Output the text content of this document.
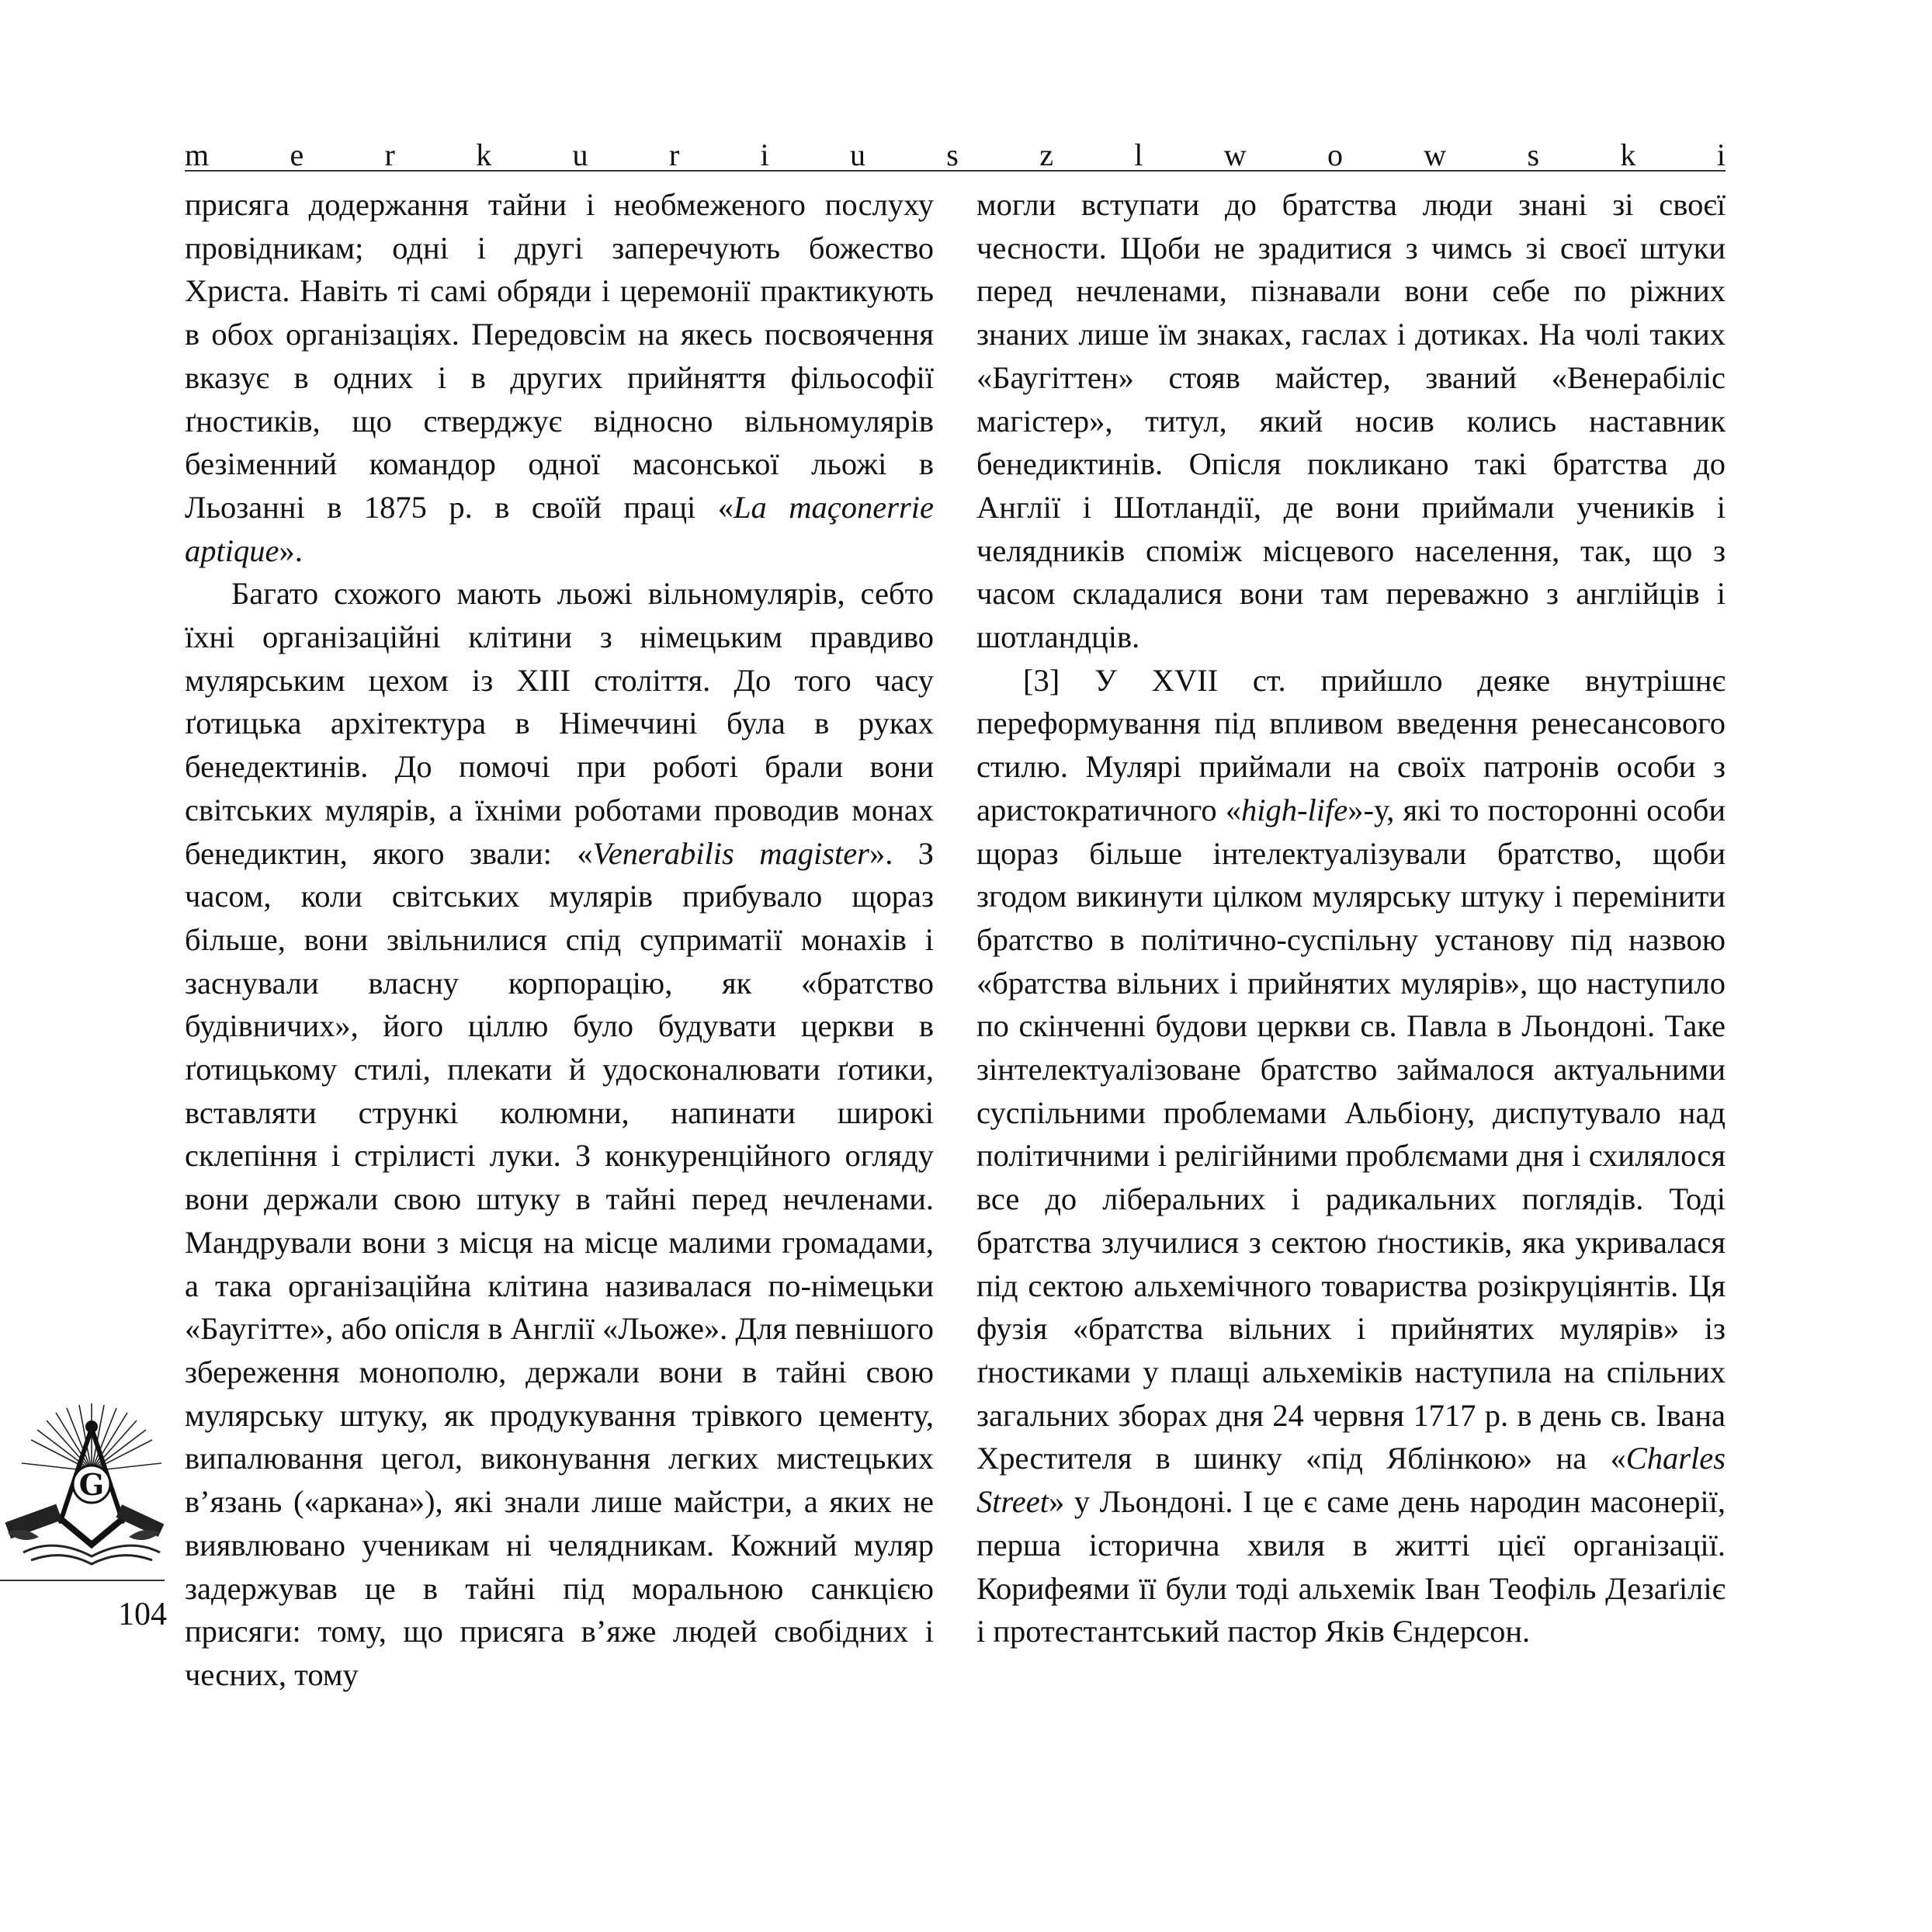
m	e	r	k	u	r	i	u	s	z	l	w	o	w	s	k	i

присяга додержання тайни і необмеженого послуху провідникам; одні і другі заперечують божество Христа. Навіть ті самі обряди і церемонії практикують в обох організаціях. Передовсім на якесь посвоячення вказує в одних і в других прийняття фільософії ґностиків, що стверджує відносно вільномулярів безіменний командор одної масонської льожі в Льозанні в 1875 р. в своїй праці «La maçonerrie aptique».

Багато схожого мають льожі вільномулярів, себто їхні організаційні клітини з німецьким правдиво мулярським цехом із XIII століття. До того часу ґотицька архітектура в Німеччині була в руках бенедектинів. До помочі при роботі брали вони світських мулярів, а їхніми роботами проводив монах бенедиктин, якого звали: «Venerabilis magister». З часом, коли світських мулярів прибувало щораз більше, вони звільнилися спід суприматії монахів і заснували власну корпорацію, як «братство будівничих», його ціллю було будувати церкви в ґотицькому стилі, плекати й удосконалювати ґотики, вставляти стрункі колюмни, напинати широкі склепіння і стрілисті луки. З конкуренційного огляду вони держали свою штуку в тайні перед нечленами. Мандрували вони з місця на місце малими громадами, а така організаційна клітина називалася по-німецьки «Баугітте», або опісля в Англії «Льоже». Для певнішого збереження монополю, держали вони в тайні свою мулярську штуку, як продукування трівкого цементу, випалювання цегол, виконування легких мистецьких в’язань («аркана»), які знали лише майстри, а яких не виявлювано ученикам ні челядникам. Кожний муляр задержував це в тайні під моральною санкцією присяги: тому, що присяга в’яже людей свобідних і чесних, тому

могли вступати до братства люди знані зі своєї чесности. Щоби не зрадитися з чимсь зі своєї штуки перед нечленами, пізнавали вони себе по ріжних знаних лише їм знаках, гаслах і дотиках. На чолі таких «Баугіттен» стояв майстер, званий «Венерабіліс магістер», титул, який носив колись наставник бенедиктинів. Опісля покликано такі братства до Англії і Шотландії, де вони приймали учеників і челядників споміж місцевого населення, так, що з часом складалися вони там переважно з англійців і шотландців.

[3] У XVII ст. прийшло деяке внутрішнє переформування під впливом введення ренесансового стилю. Мулярі приймали на своїх патронів особи з аристократичного «high-life»-у, які то посторонні особи щораз більше інтелектуалізували братство, щоби згодом викинути цілком мулярську штуку і перемінити братство в політично-суспільну установу під назвою «братства вільних і прийнятих мулярів», що наступило по скінченні будови церкви св. Павла в Льондоні. Таке зінтелектуалізоване братство займалося актуальними суспільними проблемами Альбіону, диспутувало над політичними і релігійними проблємами дня і схилялося все до ліберальних і радикальних поглядів. Тоді братства злучилися з сектою ґностиків, яка укривалася під сектою альхемічного товариства розікруціянтів. Ця фузія «братства вільних і прийнятих мулярів» із ґностиками у плащі альхеміків наступила на спільних загальних зборах дня 24 червня 1717 р. в день св. Івана Хрестителя в шинку «під Яблінкою» на «Charles Street» у Льондоні. І це є саме день народин масонерії, перша історична хвиля в житті цієї організації. Корифеями її були тоді альхемік Іван Теофіль Дезаґіліє і протестантський пастор Яків Єндерсон.

G
104
